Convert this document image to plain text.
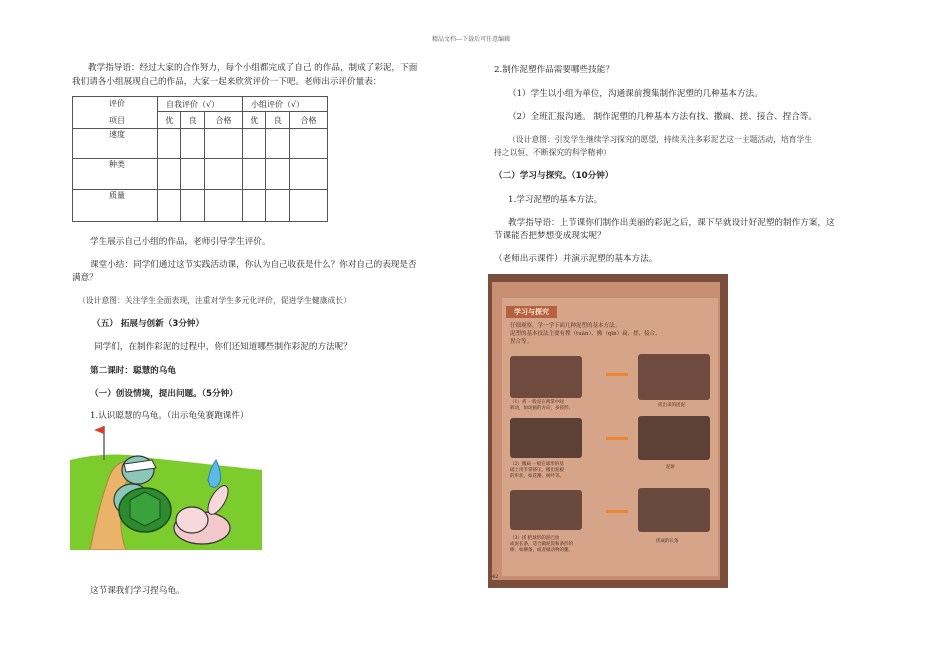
精品文档---下载后可任意编辑
教学指导语：经过大家的合作努力，每个小组都完成了自己 的作品，制成了彩泥，下面
我们请各小组展现自己的作品，大家一起来欣赏评价一下吧。老师出示评价量表：
评价
项目	自我评价（√）			小组评价（√）		
	优	良	合格	优	良	合格
速度						
种类						
质量						
学生展示自己小组的作品，老师引导学生评价。
课堂小结：同学们通过这节实践活动课，你认为自己收获是什么？你对自己的表现是否
满意？
（设计意图：关注学生全面表现，注重对学生多元化评价，促进学生健康成长）
（五） 拓展与创新（3分钟）
同学们，在制作彩泥的过程中，你们还知道哪些制作彩泥的方法呢？
第二课时：聪慧的乌龟
（一）创设情境，提出问题。（5分钟）
1.认识聪慧的乌龟。（出示龟兔赛跑课件）
这节课我们学习捏乌龟。
2.制作泥塑作品需要哪些技能？
（1）学生以小组为单位，沟通课前搜集制作泥塑的几种基本方法。
（2）全班汇报沟通。 制作泥塑的几种基本方法有找、撒扁、搓、接合、捏合等。
（设计意图：引发学生继续学习探究的愿望，持续关注多彩泥艺这一主题活动，培育学生
持之以恒、不断探究的科学精神）
（二）学习与探究。（10分钟）
1.学习泥塑的基本方法。
教学指导语：上节课你们制作出美丽的彩泥之后，课下早就设计好泥塑的制作方案，这
节课能否把梦想变成现实呢？
（老师出示课件）并演示泥塑的基本方法。
学习与探究
仔细观察，学一学下面几种泥塑的基本方法。
泥塑的基本技法主要有撑（tuán）、搬（qīn）扁、搓、接合、
捏合等。
（1）将 一般泥在两掌中间
转动，如动画的方向，多搓形。
搓出来的团泥
（2）搬扁 一般在球形的基
础上用手掌挤压，搬出泥板
的形状，如花瓣、树叶等。
泥饼
（3）搓 把球形的泥巴放
成泥长条，适合做泥饭和条形的
棒，如柳条，或者做动物的腿。
搓成的长条
42
